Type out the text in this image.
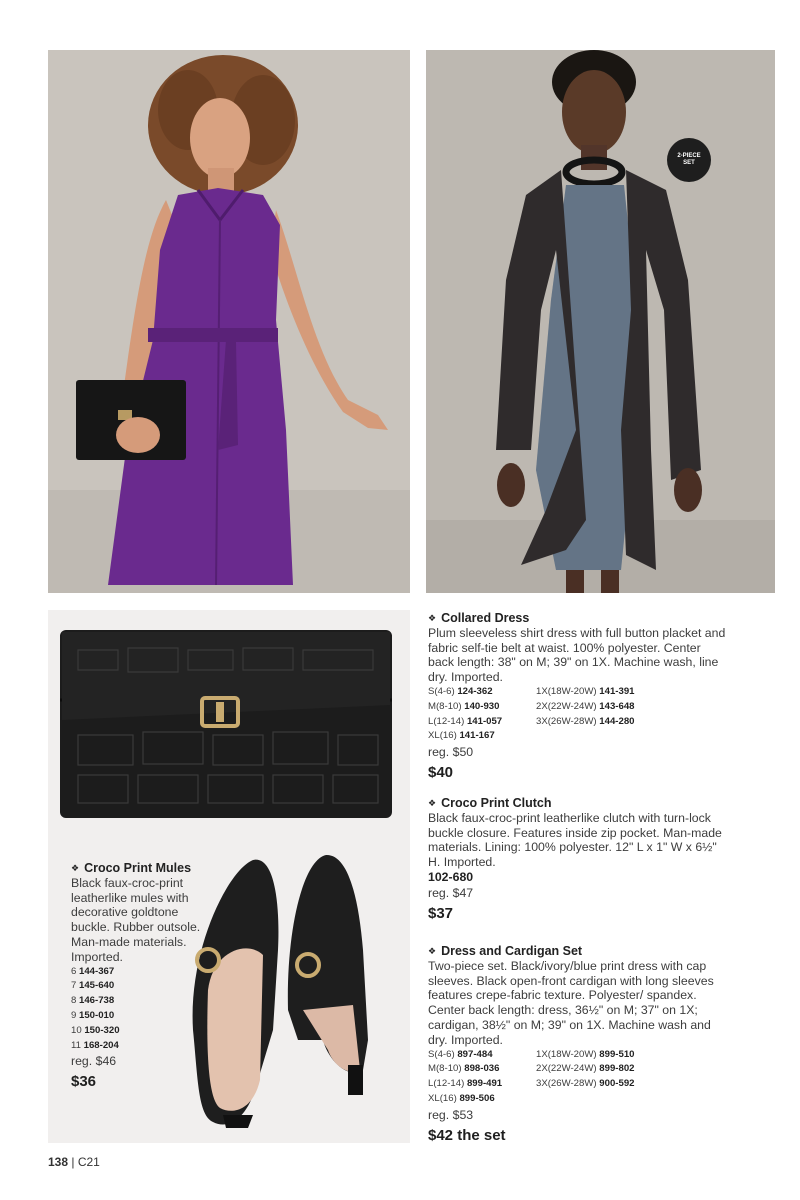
2-PIECE
SET
❖ Croco Print Mules

Black faux-croc-print leatherlike mules with decorative goldtone buckle. Rubber outsole. Man-made materials. Imported.

6 144-367
7 145-640
8 146-738
9 150-010
10 150-320
11 168-204
reg. $46
$36
❖ Collared Dress

Plum sleeveless shirt dress with full button placket and fabric self-tie belt at waist. 100% polyester. Center back length: 38" on M; 39" on 1X. Machine wash, line dry. Imported.

S(4-6) 124-362	1X(18W-20W) 141-391
M(8-10) 140-930	2X(22W-24W) 143-648
L(12-14) 141-057	3X(26W-28W) 144-280
XL(16) 141-167
reg. $50
$40
❖ Croco Print Clutch

Black faux-croc-print leatherlike clutch with turn-lock buckle closure. Features inside zip pocket. Man-made materials. Lining: 100% polyester. 12" L x 1" W x 6½" H. Imported.

102-680
reg. $47
$37
❖ Dress and Cardigan Set

Two-piece set. Black/ivory/blue print dress with cap sleeves. Black open-front cardigan with long sleeves features crepe-fabric texture. Polyester/ spandex. Center back length: dress, 36½" on M; 37" on 1X; cardigan, 38½" on M; 39" on 1X. Machine wash and dry. Imported.

S(4-6) 897-484	1X(18W-20W) 899-510
M(8-10) 898-036	2X(22W-24W) 899-802
L(12-14) 899-491	3X(26W-28W) 900-592
XL(16) 899-506
reg. $53
$42 the set
138 | C21
